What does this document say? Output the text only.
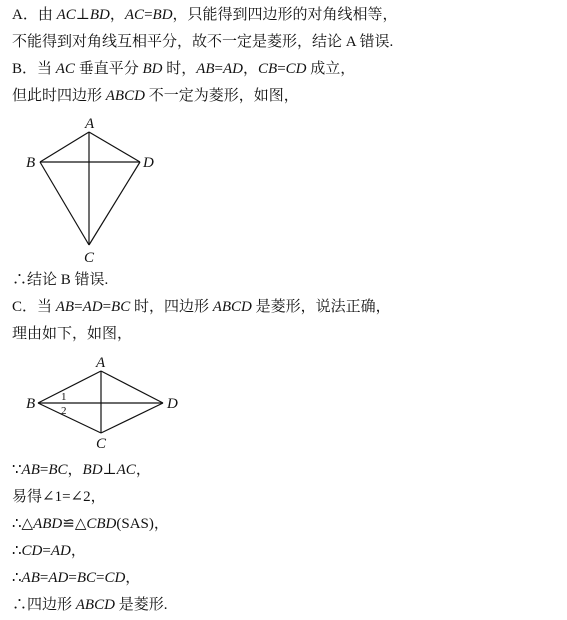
A．由 AC⊥BD，AC=BD，只能得到四边形的对角线相等，
不能得到对角线互相平分，故不一定是菱形，结论 A 错误.
B．当 AC 垂直平分 BD 时，AB=AD，CB=CD 成立，
但此时四边形 ABCD 不一定为菱形，如图，
∴结论 B 错误.
C．当 AB=AD=BC 时，四边形 ABCD 是菱形，说法正确，
理由如下，如图，
∵AB=BC，BD⊥AC，
易得∠1=∠2，
∴△ABD≌△CBD(SAS)，
∴CD=AD，
∴AB=AD=BC=CD，
∴四边形 ABCD 是菱形.
A
B	D
C
A
B	D
C
1
2
